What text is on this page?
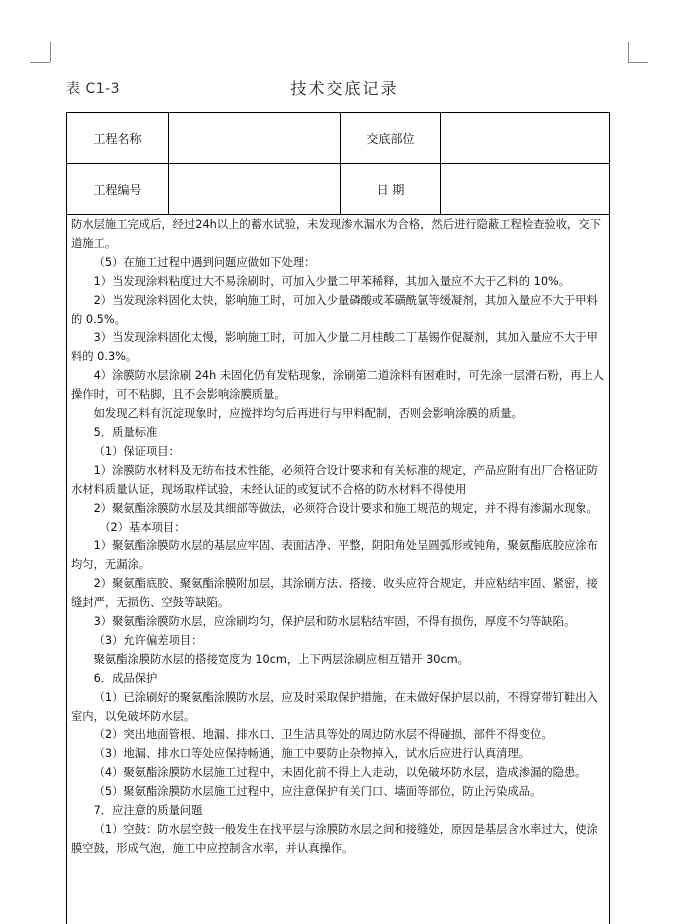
表 C1-3	技术交底记录
工程名称	交底部位
工程编号	日 期

防水层施工完成后，经过24h以上的蓄水试验，未发现渗水漏水为合格，然后进行隐蔽工程检查验收，交下道施工。

（5）在施工过程中遇到问题应做如下处理：

1）当发现涂料粘度过大不易涂刷时，可加入少量二甲苯稀释，其加入量应不大于乙料的 10%。

2）当发现涂料固化太快，影响施工时，可加入少量磷酸或苯磺酰氯等缓凝剂，其加入量应不大于甲料的 0.5%。

3）当发现涂料固化太慢，影响施工时，可加入少量二月桂酸二丁基锡作促凝剂，其加入量应不大于甲料的 0.3%。

4）涂膜防水层涂刷 24h 未固化仍有发粘现象，涂刷第二道涂料有困难时，可先涂一层滑石粉，再上人操作时，可不粘脚，且不会影响涂膜质量。

如发现乙料有沉淀现象时，应搅拌均匀后再进行与甲料配制，否则会影响涂膜的质量。

5．质量标准

（1）保证项目：

1）涂膜防水材料及无纺布技术性能，必须符合设计要求和有关标准的规定，产品应附有出厂合格证防水材料质量认证，现场取样试验，未经认证的或复试不合格的防水材料不得使用

2）聚氨酯涂膜防水层及其细部等做法，必须符合设计要求和施工规范的规定，并不得有渗漏水现象。

（2）基本项目：

1）聚氨酯涂膜防水层的基层应牢固、表面洁净、平整，阴阳角处呈圆弧形或钝角，聚氨酯底胶应涂布均匀，无漏涂。

2）聚氨酯底胶、聚氨酯涂膜附加层，其涂刷方法、搭接、收头应符合规定，并应粘结牢固、紧密，接缝封严，无损伤、空鼓等缺陷。

3）聚氨酯涂膜防水层，应涂刷均匀，保护层和防水层粘结牢固，不得有损伤，厚度不匀等缺陷。

（3）允许偏差项目：

聚氨酯涂膜防水层的搭接宽度为 10cm，上下两层涂刷应相互错开 30cm。

6．成品保护

（1）已涂刷好的聚氨酯涂膜防水层，应及时采取保护措施，在未做好保护层以前，不得穿带钉鞋出入室内，以免破坏防水层。

（2）突出地面管根、地漏、排水口、卫生洁具等处的周边防水层不得碰损，部件不得变位。

（3）地漏、排水口等处应保持畅通，施工中要防止杂物掉入，试水后应进行认真清理。

（4）聚氨酯涂膜防水层施工过程中，未固化前不得上人走动，以免破坏防水层，造成渗漏的隐患。

（5）聚氨酯涂膜防水层施工过程中，应注意保护有关门口、墙面等部位，防止污染成品。

7．应注意的质量问题

（1）空鼓：防水层空鼓一般发生在找平层与涂膜防水层之间和接缝处，原因是基层含水率过大，使涂膜空鼓，形成气泡，施工中应控制含水率，并认真操作。
